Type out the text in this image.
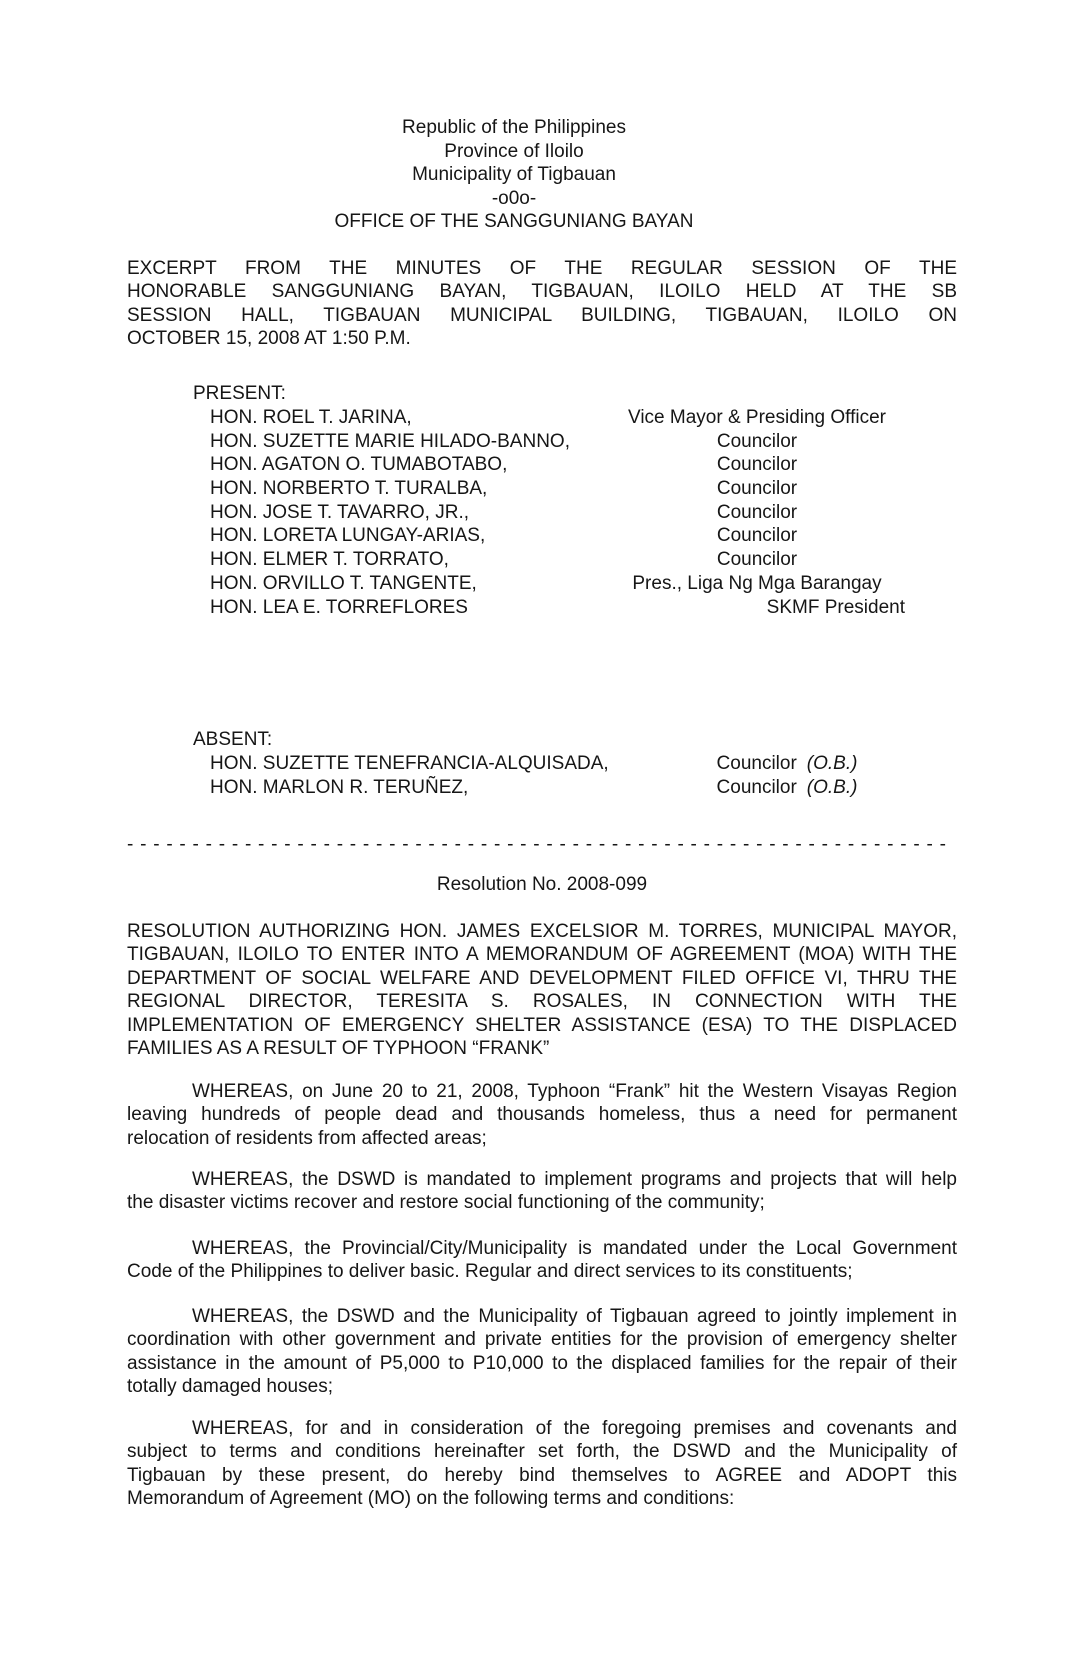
Republic of the Philippines
Province of Iloilo
Municipality of Tigbauan
-o0o-
OFFICE OF THE SANGGUNIANG BAYAN
EXCERPT FROM THE MINUTES OF THE REGULAR SESSION OF THE
HONORABLE SANGGUNIANG BAYAN, TIGBAUAN, ILOILO HELD AT THE SB
SESSION HALL, TIGBAUAN MUNICIPAL BUILDING, TIGBAUAN, ILOILO ON
OCTOBER 15, 2008 AT 1:50 P.M.
PRESENT:
HON. ROEL T. JARINA,	Vice Mayor & Presiding Officer
HON. SUZETTE MARIE HILADO-BANNO,	Councilor
HON. AGATON O. TUMABOTABO,	Councilor
HON. NORBERTO T. TURALBA,	Councilor
HON. JOSE T. TAVARRO, JR.,	Councilor
HON. LORETA LUNGAY-ARIAS,	Councilor
HON. ELMER T. TORRATO,	Councilor
HON. ORVILLO T. TANGENTE,	Pres., Liga Ng Mga Barangay
HON. LEA E. TORREFLORES	SKMF President
ABSENT:
HON. SUZETTE TENEFRANCIA-ALQUISADA,	Councilor (O.B.)
HON. MARLON R. TERUÑEZ,	Councilor (O.B.)
- - - - - - - - - - - - - - - - - - - - - - - - - - - - - - - - - - - - - - - - - - - - - - - - - - - - - - - - - - - - - - -
Resolution No. 2008-099
RESOLUTION AUTHORIZING HON. JAMES EXCELSIOR M. TORRES, MUNICIPAL MAYOR,
TIGBAUAN, ILOILO TO ENTER INTO A MEMORANDUM OF AGREEMENT (MOA) WITH THE
DEPARTMENT OF SOCIAL WELFARE AND DEVELOPMENT FILED OFFICE VI, THRU THE
REGIONAL DIRECTOR, TERESITA S. ROSALES, IN CONNECTION WITH THE
IMPLEMENTATION OF EMERGENCY SHELTER ASSISTANCE (ESA) TO THE DISPLACED
FAMILIES AS A RESULT OF TYPHOON “FRANK”
WHEREAS, on June 20 to 21, 2008, Typhoon “Frank” hit the Western Visayas Region
leaving hundreds of people dead and thousands homeless, thus a need for permanent
relocation of residents from affected areas;
WHEREAS, the DSWD is mandated to implement programs and projects that will help
the disaster victims recover and restore social functioning of the community;
WHEREAS, the Provincial/City/Municipality is mandated under the Local Government
Code of the Philippines to deliver basic. Regular and direct services to its constituents;
WHEREAS, the DSWD and the Municipality of Tigbauan agreed to jointly implement in
coordination with other government and private entities for the provision of emergency shelter
assistance in the amount of P5,000 to P10,000 to the displaced families for the repair of their
totally damaged houses;
WHEREAS, for and in consideration of the foregoing premises and covenants and
subject to terms and conditions hereinafter set forth, the DSWD and the Municipality of
Tigbauan by these present, do hereby bind themselves to AGREE and ADOPT this
Memorandum of Agreement (MO) on the following terms and conditions:
